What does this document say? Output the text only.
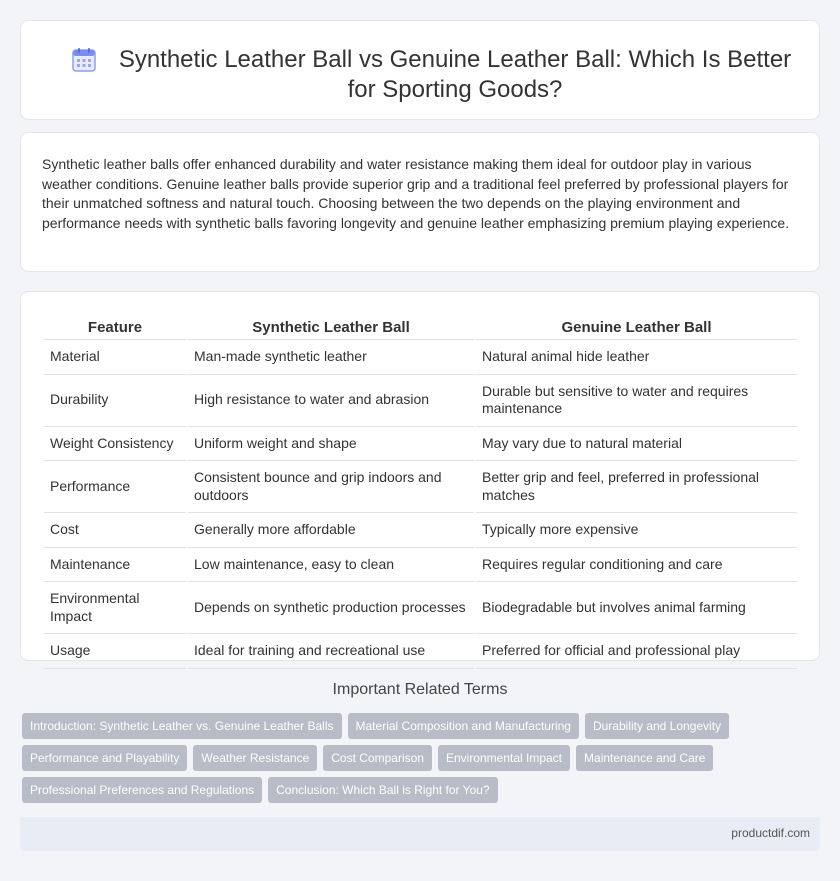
Synthetic Leather Ball vs Genuine Leather Ball: Which Is Better for Sporting Goods?

Synthetic leather balls offer enhanced durability and water resistance making them ideal for outdoor play in various weather conditions. Genuine leather balls provide superior grip and a traditional feel preferred by professional players for their unmatched softness and natural touch. Choosing between the two depends on the playing environment and performance needs with synthetic balls favoring longevity and genuine leather emphasizing premium playing experience.

Feature	Synthetic Leather Ball	Genuine Leather Ball
Material	Man-made synthetic leather	Natural animal hide leather
Durability	High resistance to water and abrasion	Durable but sensitive to water and requires maintenance
Weight Consistency	Uniform weight and shape	May vary due to natural material
Performance	Consistent bounce and grip indoors and outdoors	Better grip and feel, preferred in professional matches
Cost	Generally more affordable	Typically more expensive
Maintenance	Low maintenance, easy to clean	Requires regular conditioning and care
Environmental Impact	Depends on synthetic production processes	Biodegradable but involves animal farming
Usage	Ideal for training and recreational use	Preferred for official and professional play
Important Related Terms
Introduction: Synthetic Leather vs. Genuine Leather Balls	Material Composition and Manufacturing	Durability and Longevity
Performance and Playability	Weather Resistance	Cost Comparison	Environmental Impact	Maintenance and Care
Professional Preferences and Regulations	Conclusion: Which Ball is Right for You?
productdif.com
